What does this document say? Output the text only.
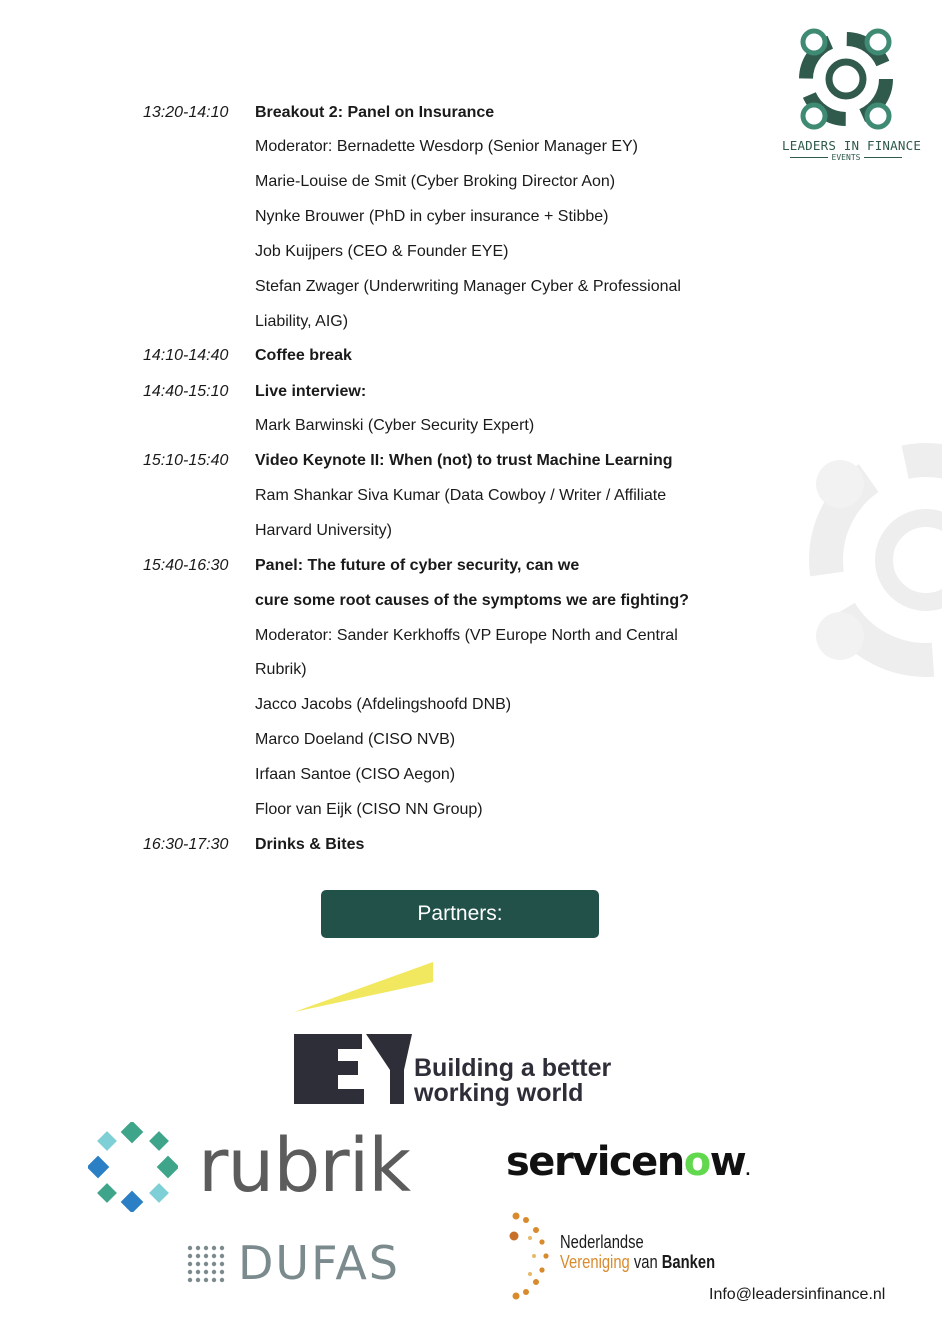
LEADERS IN FINANCE
EVENTS
13:20-14:10 Breakout 2: Panel on Insurance
Moderator: Bernadette Wesdorp (Senior Manager EY)
Marie-Louise de Smit (Cyber Broking Director Aon)
Nynke Brouwer (PhD in cyber insurance + Stibbe)
Job Kuijpers (CEO & Founder EYE)
Stefan Zwager (Underwriting Manager Cyber & Professional
Liability, AIG)
14:10-14:40 Coffee break
14:40-15:10 Live interview:
Mark Barwinski (Cyber Security Expert)
15:10-15:40 Video Keynote II: When (not) to trust Machine Learning
Ram Shankar Siva Kumar (Data Cowboy / Writer / Affiliate
Harvard University)
15:40-16:30 Panel: The future of cyber security, can we
cure some root causes of the symptoms we are fighting?
Moderator: Sander Kerkhoffs (VP Europe North and Central
Rubrik)
Jacco Jacobs (Afdelingshoofd DNB)
Marco Doeland (CISO NVB)
Irfaan Santoe (CISO Aegon)
Floor van Eijk (CISO NN Group)
16:30-17:30 Drinks & Bites
Partners:
Building a better
working world
rubrik servicenow.
DUFAS	Nederlandse
Vereniging van Banken
Info@leadersinfinance.nl
